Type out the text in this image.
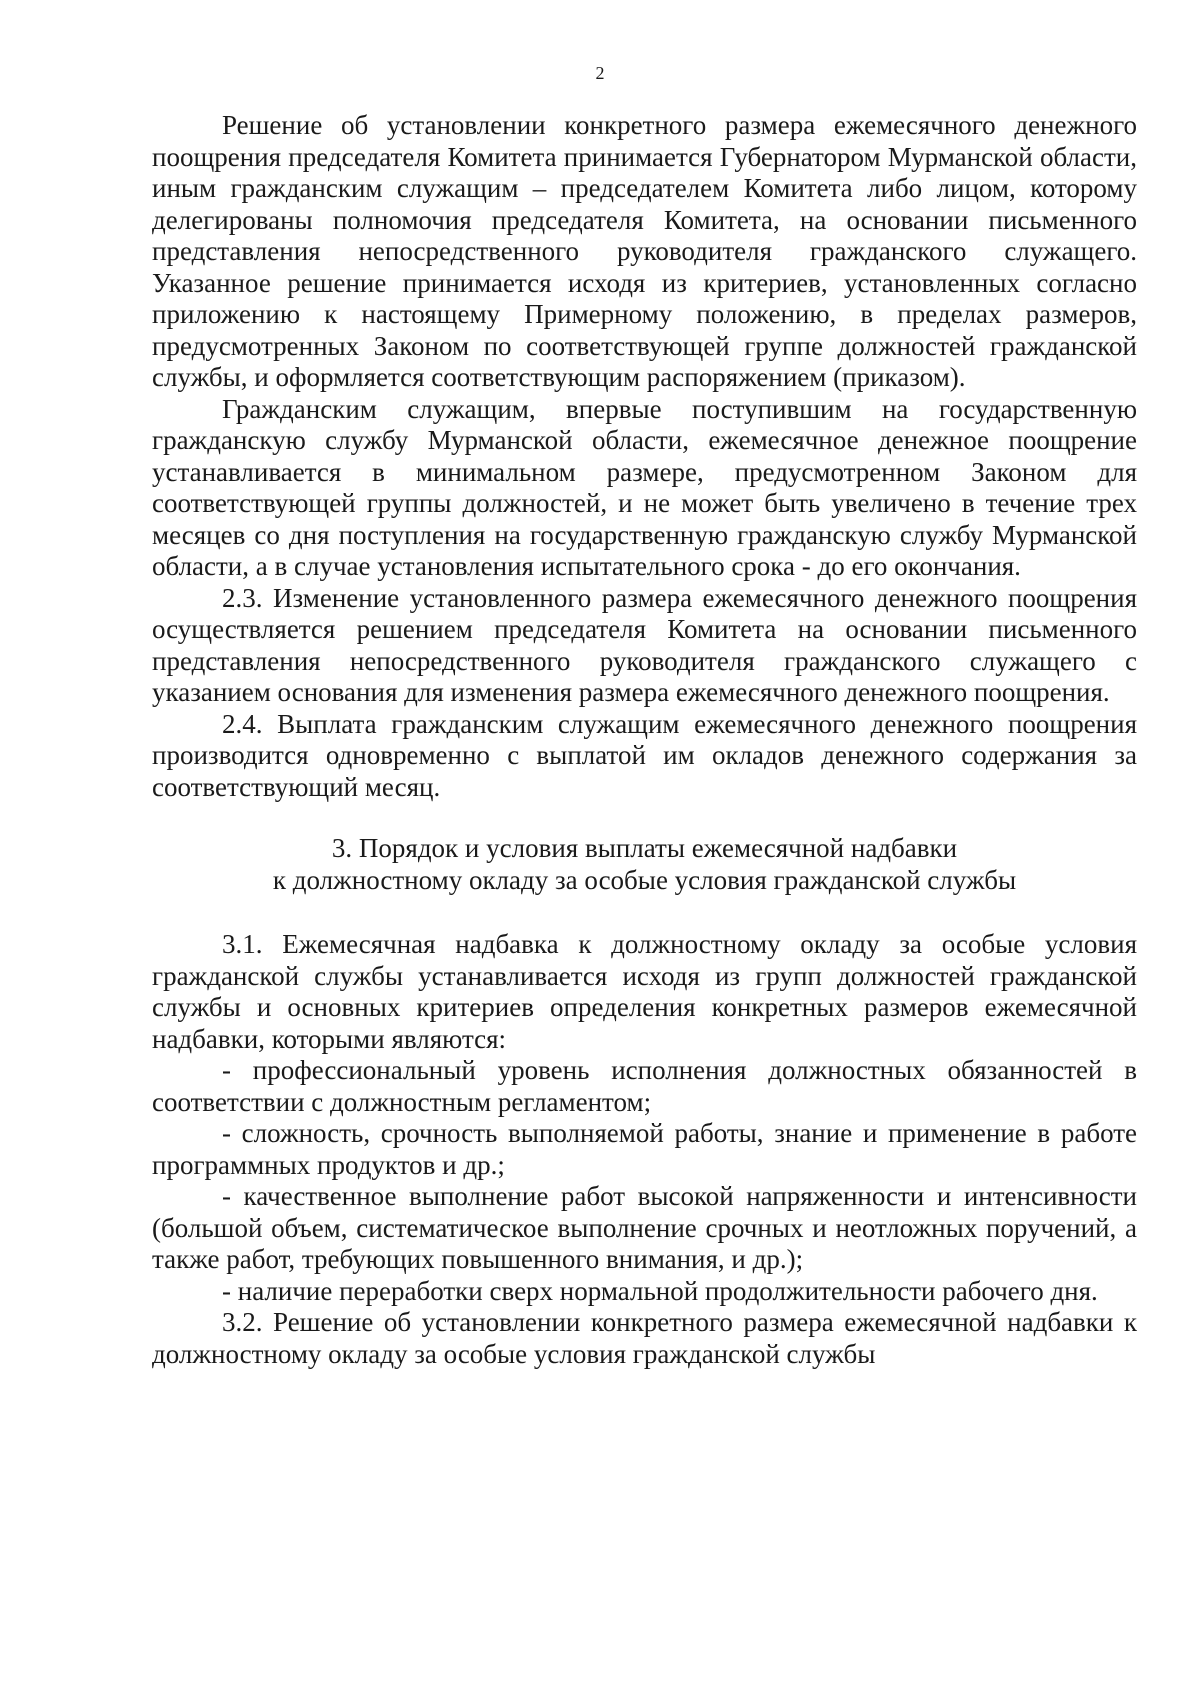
2

Решение об установлении конкретного размера ежемесячного денежного поощрения председателя Комитета принимается Губернатором Мурманской области, иным гражданским служащим – председателем Комитета либо лицом, которому делегированы полномочия председателя Комитета, на основании письменного представления непосредственного руководителя гражданского служащего. Указанное решение принимается исходя из критериев, установленных согласно приложению к настоящему Примерному положению, в пределах размеров, предусмотренных Законом по соответствующей группе должностей гражданской службы, и оформляется соответствующим распоряжением (приказом).

Гражданским служащим, впервые поступившим на государственную гражданскую службу Мурманской области, ежемесячное денежное поощрение устанавливается в минимальном размере, предусмотренном Законом для соответствующей группы должностей, и не может быть увеличено в течение трех месяцев со дня поступления на государственную гражданскую службу Мурманской области, а в случае установления испытательного срока - до его окончания.

2.3. Изменение установленного размера ежемесячного денежного поощрения осуществляется решением председателя Комитета на основании письменного представления непосредственного руководителя гражданского служащего с указанием основания для изменения размера ежемесячного денежного поощрения.

2.4. Выплата гражданским служащим ежемесячного денежного поощрения производится одновременно с выплатой им окладов денежного содержания за соответствующий месяц.

3. Порядок и условия выплаты ежемесячной надбавки

к должностному окладу за особые условия гражданской службы

3.1. Ежемесячная надбавка к должностному окладу за особые условия гражданской службы устанавливается исходя из групп должностей гражданской службы и основных критериев определения конкретных размеров ежемесячной надбавки, которыми являются:

- профессиональный уровень исполнения должностных обязанностей в соответствии с должностным регламентом;

- сложность, срочность выполняемой работы, знание и применение в работе программных продуктов и др.;

- качественное выполнение работ высокой напряженности и интенсивности (большой объем, систематическое выполнение срочных и неотложных поручений, а также работ, требующих повышенного внимания, и др.);

- наличие переработки сверх нормальной продолжительности рабочего дня.

3.2. Решение об установлении конкретного размера ежемесячной надбавки к должностному окладу за особые условия гражданской службы
